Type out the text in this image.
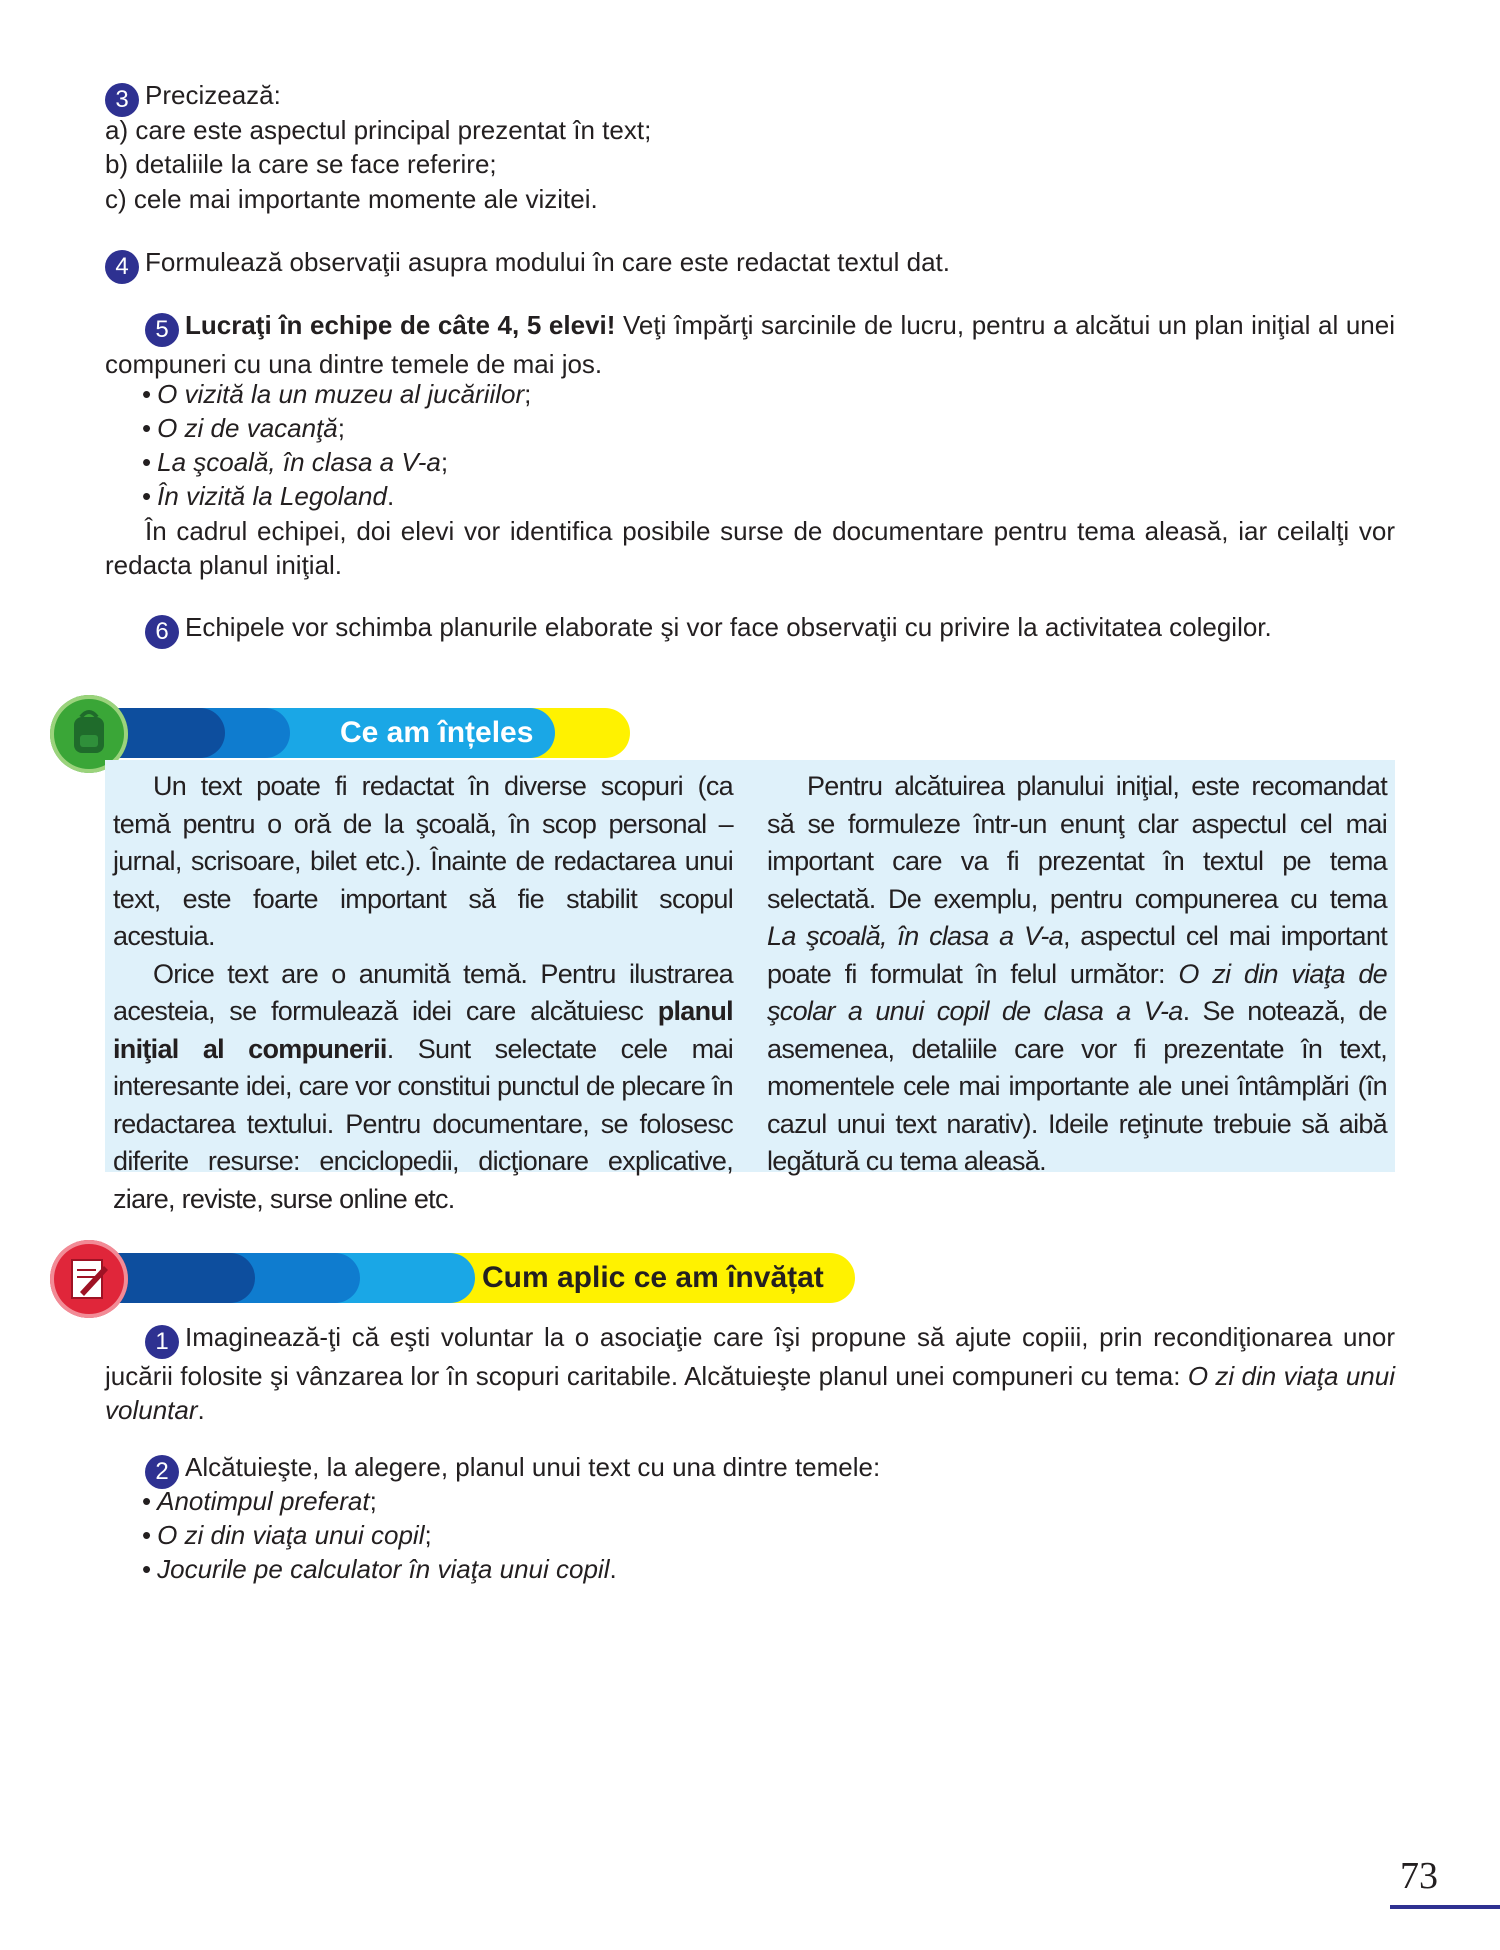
3 Precizează:
a) care este aspectul principal prezentat în text;
b) detaliile la care se face referire;
c) cele mai importante momente ale vizitei.
4 Formulează observaţii asupra modului în care este redactat textul dat.
5 Lucraţi în echipe de câte 4, 5 elevi! Veţi împărţi sarcinile de lucru, pentru a alcătui un plan iniţial al unei compuneri cu una dintre temele de mai jos.
• O vizită la un muzeu al jucăriilor;
• O zi de vacanţă;
• La şcoală, în clasa a V-a;
• În vizită la Legoland.
În cadrul echipei, doi elevi vor identifica posibile surse de documentare pentru tema aleasă, iar ceilalţi vor redacta planul iniţial.
6 Echipele vor schimba planurile elaborate şi vor face observaţii cu privire la activitatea colegilor.
Ce am înțeles

Un text poate fi redactat în diverse scopuri (ca temă pentru o oră de la şcoală, în scop personal – jurnal, scrisoare, bilet etc.). Înainte de redactarea unui text, este foarte important să fie stabilit scopul acestuia.

Orice text are o anumită temă. Pentru ilustrarea acesteia, se formulează idei care alcătuiesc planul iniţial al compunerii. Sunt selectate cele mai interesante idei, care vor constitui punctul de plecare în redactarea textului. Pentru documentare, se folosesc diferite resurse: enciclopedii, dicţionare explicative, ziare, reviste, surse online etc.

Pentru alcătuirea planului iniţial, este recomandat să se formuleze într-un enunţ clar aspectul cel mai important care va fi prezentat în textul pe tema selectată. De exemplu, pentru compunerea cu tema La şcoală, în clasa a V-a, aspectul cel mai important poate fi formulat în felul următor: O zi din viaţa de şcolar a unui copil de clasa a V-a. Se notează, de asemenea, detaliile care vor fi prezentate în text, momentele cele mai importante ale unei întâmplări (în cazul unui text narativ). Ideile reţinute trebuie să aibă legătură cu tema aleasă.

Cum aplic ce am învățat
1 Imaginează-ţi că eşti voluntar la o asociaţie care îşi propune să ajute copiii, prin recondiţionarea unor jucării folosite şi vânzarea lor în scopuri caritabile. Alcătuieşte planul unei compuneri cu tema: O zi din viaţa unui voluntar.
2 Alcătuieşte, la alegere, planul unui text cu una dintre temele:
• Anotimpul preferat;
• O zi din viaţa unui copil;
• Jocurile pe calculator în viaţa unui copil.
73
